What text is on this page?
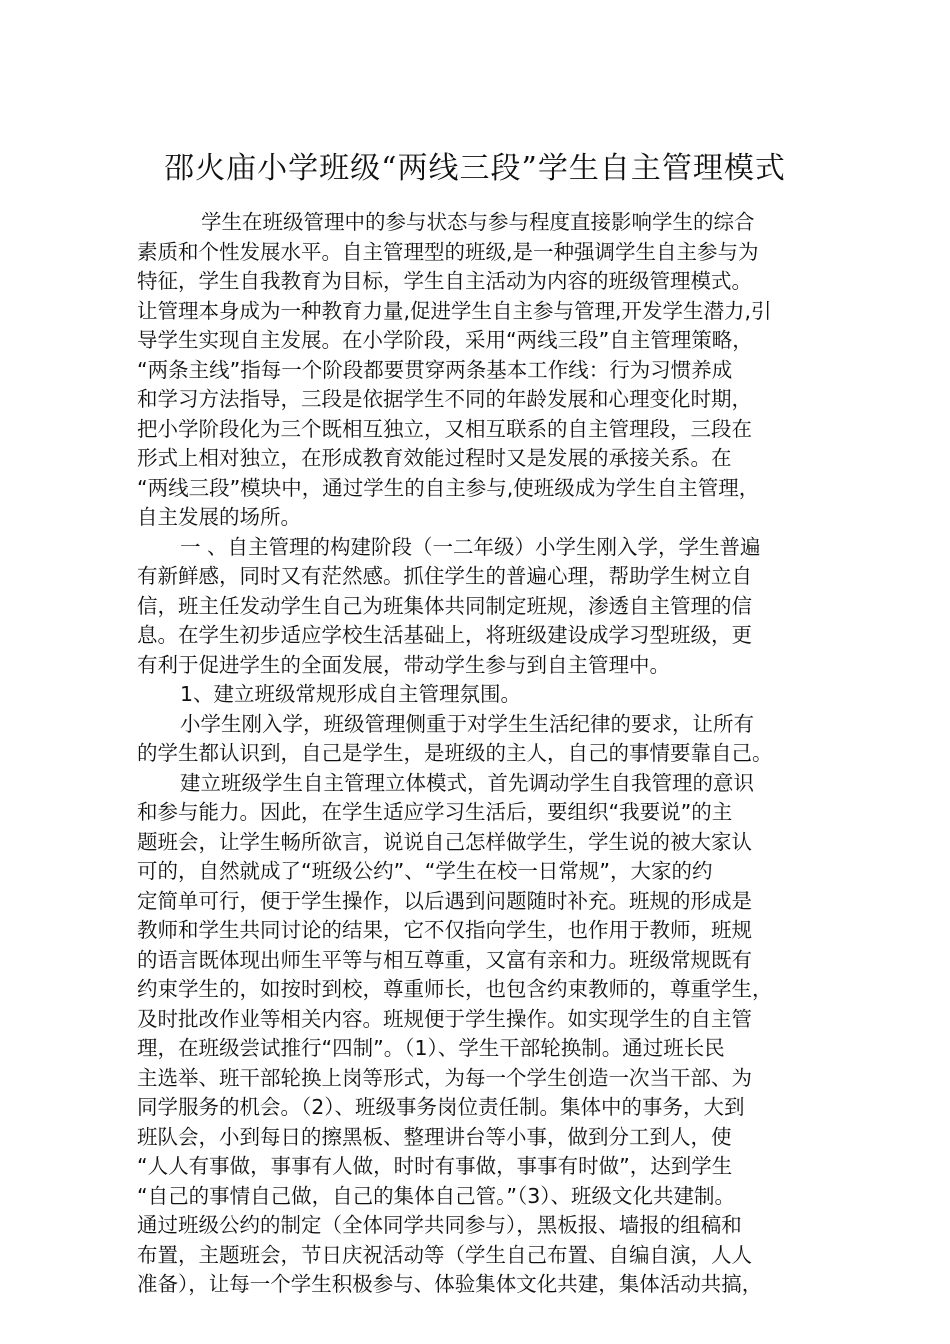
邵火庙小学班级“两线三段”学生自主管理模式
学生在班级管理中的参与状态与参与程度直接影响学生的综合
素质和个性发展水平。自主管理型的班级,是一种强调学生自主参与为
特征，学生自我教育为目标，学生自主活动为内容的班级管理模式。
让管理本身成为一种教育力量,促进学生自主参与管理,开发学生潜力,引
导学生实现自主发展。在小学阶段，采用“两线三段”自主管理策略，
“两条主线”指每一个阶段都要贯穿两条基本工作线：行为习惯养成
和学习方法指导，三段是依据学生不同的年龄发展和心理变化时期，
把小学阶段化为三个既相互独立，又相互联系的自主管理段，三段在
形式上相对独立，在形成教育效能过程时又是发展的承接关系。在
“两线三段”模块中，通过学生的自主参与,使班级成为学生自主管理，
自主发展的场所。
一 、自主管理的构建阶段（一二年级）小学生刚入学，学生普遍
有新鲜感，同时又有茫然感。抓住学生的普遍心理，帮助学生树立自
信，班主任发动学生自己为班集体共同制定班规，渗透自主管理的信
息。在学生初步适应学校生活基础上，将班级建设成学习型班级，更
有利于促进学生的全面发展，带动学生参与到自主管理中。
1、建立班级常规形成自主管理氛围。
小学生刚入学，班级管理侧重于对学生生活纪律的要求，让所有
的学生都认识到，自己是学生，是班级的主人，自己的事情要靠自己。
建立班级学生自主管理立体模式，首先调动学生自我管理的意识
和参与能力。因此，在学生适应学习生活后，要组织“我要说”的主
题班会，让学生畅所欲言，说说自己怎样做学生，学生说的被大家认
可的，自然就成了“班级公约”、“学生在校一日常规”，大家的约
定简单可行，便于学生操作，以后遇到问题随时补充。班规的形成是
教师和学生共同讨论的结果，它不仅指向学生，也作用于教师，班规
的语言既体现出师生平等与相互尊重，又富有亲和力。班级常规既有
约束学生的，如按时到校，尊重师长，也包含约束教师的，尊重学生，
及时批改作业等相关内容。班规便于学生操作。如实现学生的自主管
理，在班级尝试推行“四制”。（1）、学生干部轮换制。通过班长民
主选举、班干部轮换上岗等形式，为每一个学生创造一次当干部、为
同学服务的机会。（2）、班级事务岗位责任制。集体中的事务，大到
班队会，小到每日的擦黑板、整理讲台等小事，做到分工到人，使
“人人有事做，事事有人做，时时有事做，事事有时做”，达到学生
“自己的事情自己做，自己的集体自己管。”（3）、班级文化共建制。
通过班级公约的制定（全体同学共同参与），黑板报、墙报的组稿和
布置，主题班会，节日庆祝活动等（学生自己布置、自编自演，人人
准备），让每一个学生积极参与、体验集体文化共建，集体活动共搞，
